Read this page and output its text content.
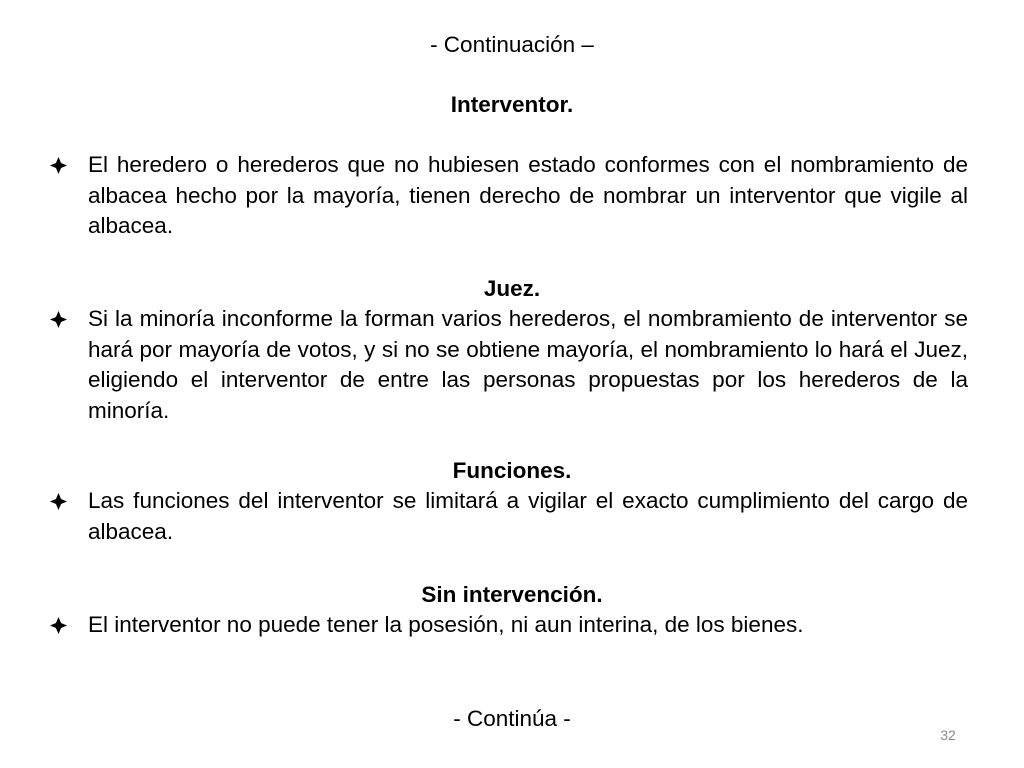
- Continuación –
Interventor.
El heredero o herederos que no hubiesen estado conformes con el nombramiento de albacea hecho por la mayoría, tienen derecho de nombrar un interventor que vigile al albacea.
Juez.
Si la minoría inconforme la forman varios herederos, el nombramiento de interventor se hará por mayoría de votos, y si no se obtiene mayoría, el nombramiento lo hará el Juez, eligiendo el interventor de entre las personas propuestas por los herederos de la minoría.
Funciones.
Las funciones del interventor se limitará a vigilar el exacto cumplimiento del cargo de albacea.
Sin intervención.
El interventor no puede tener la posesión, ni aun interina, de los bienes.
- Continúa -
32
